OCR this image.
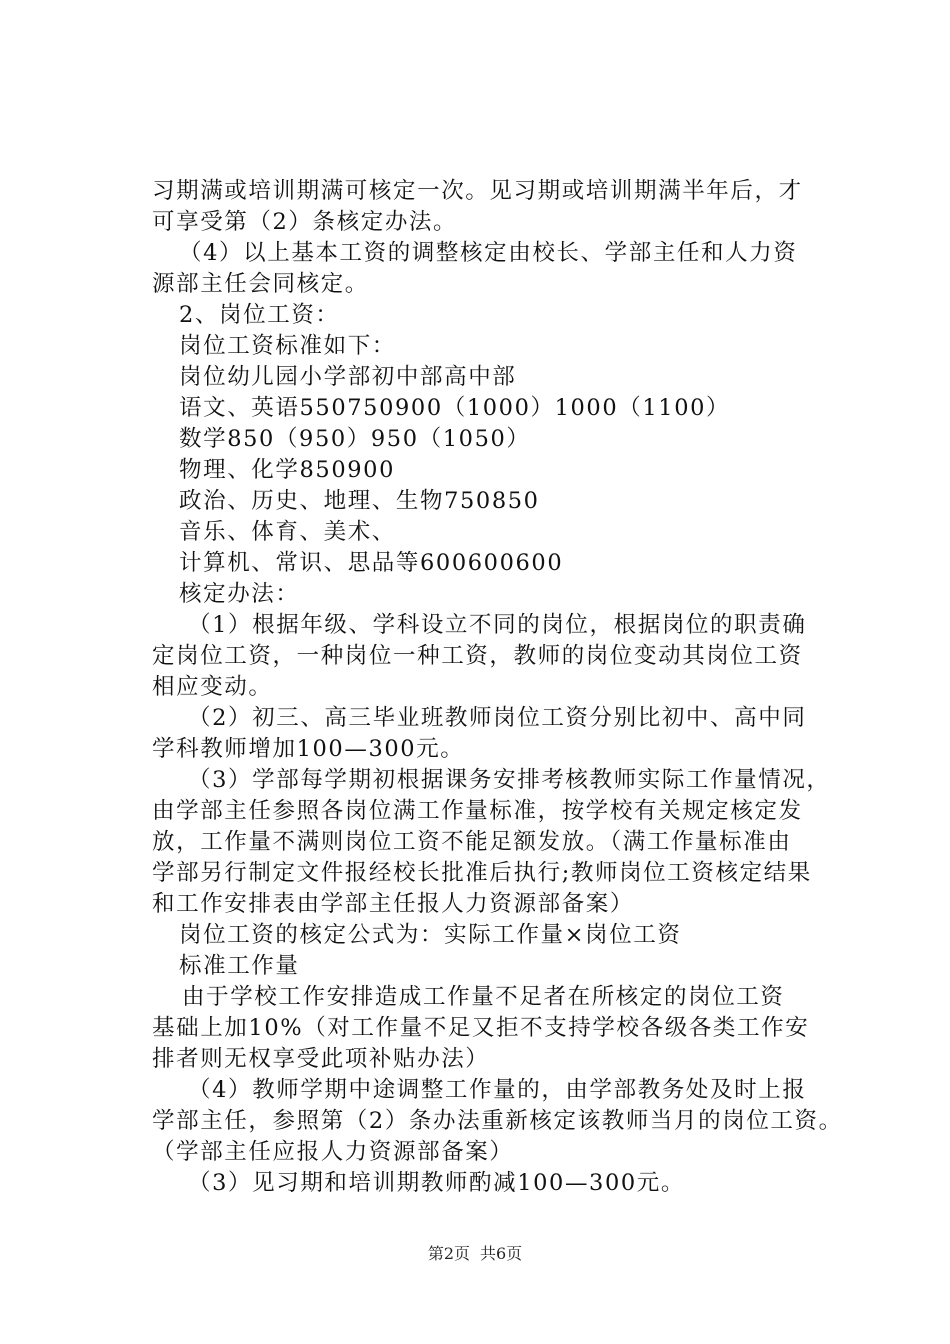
习期满或培训期满可核定一次。见习期或培训期满半年后，才
可享受第（2）条核定办法。
（4）以上基本工资的调整核定由校长、学部主任和人力资
源部主任会同核定。
2、岗位工资：
岗位工资标准如下：
岗位幼儿园小学部初中部高中部
语文、英语550750900（1000）1000（1100）
数学850（950）950（1050）
物理、化学850900
政治、历史、地理、生物750850
音乐、体育、美术、
计算机、常识、思品等600600600
核定办法：
（1）根据年级、学科设立不同的岗位，根据岗位的职责确
定岗位工资，一种岗位一种工资，教师的岗位变动其岗位工资
相应变动。
（2）初三、高三毕业班教师岗位工资分别比初中、高中同
学科教师增加100—300元。
（3）学部每学期初根据课务安排考核教师实际工作量情况，
由学部主任参照各岗位满工作量标准，按学校有关规定核定发
放，工作量不满则岗位工资不能足额发放。（满工作量标准由
学部另行制定文件报经校长批准后执行;教师岗位工资核定结果
和工作安排表由学部主任报人力资源部备案）
岗位工资的核定公式为：实际工作量×岗位工资
标准工作量
由于学校工作安排造成工作量不足者在所核定的岗位工资
基础上加10%（对工作量不足又拒不支持学校各级各类工作安
排者则无权享受此项补贴办法）
（4）教师学期中途调整工作量的，由学部教务处及时上报
学部主任，参照第（2）条办法重新核定该教师当月的岗位工资。
（学部主任应报人力资源部备案）
（3）见习期和培训期教师酌减100—300元。
第2页 共6页
